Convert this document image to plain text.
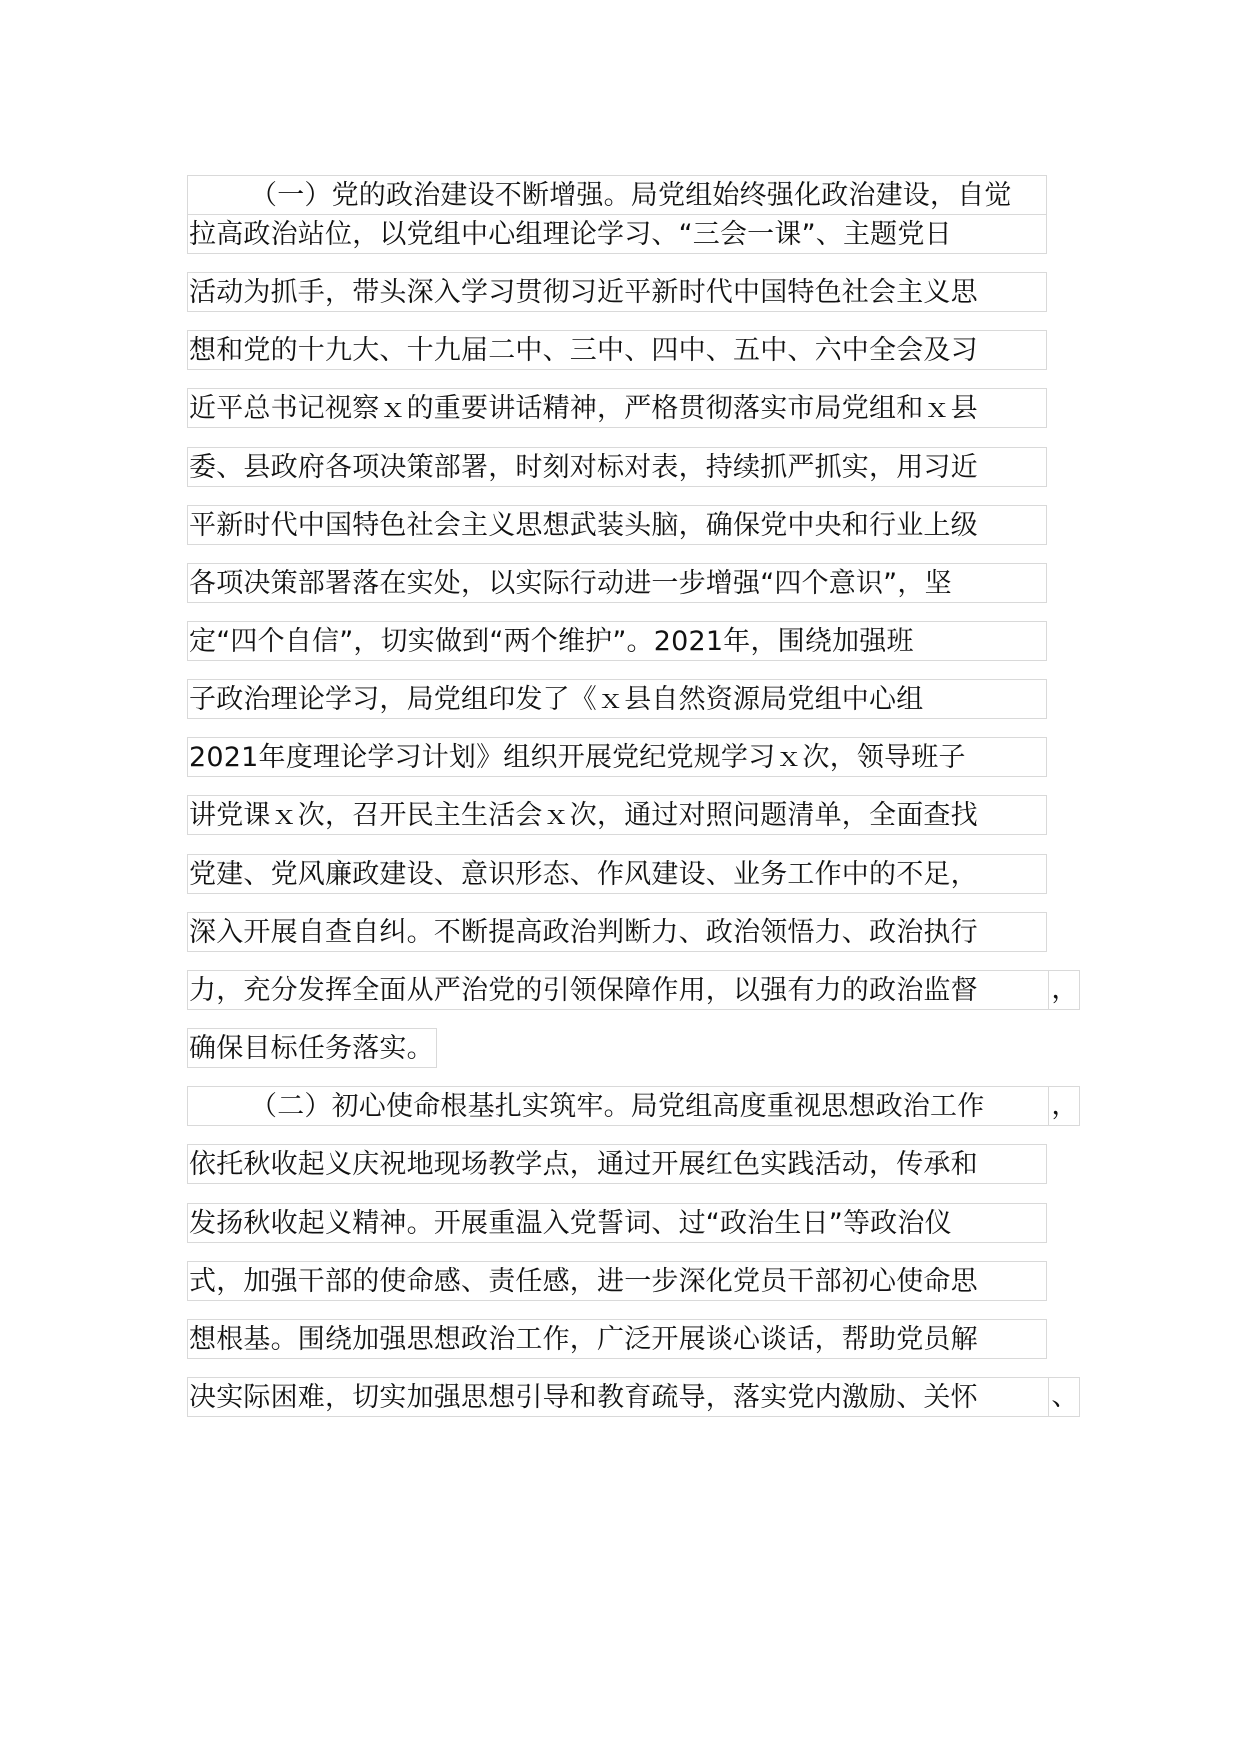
（一）党的政治建设不断增强。局党组始终强化政治建设，自觉
拉高政治站位，以党组中心组理论学习、“三会一课”、主题党日
活动为抓手，带头深入学习贯彻习近平新时代中国特色社会主义思
想和党的十九大、十九届二中、三中、四中、五中、六中全会及习
近平总书记视察ｘ的重要讲话精神，严格贯彻落实市局党组和ｘ县
委、县政府各项决策部署，时刻对标对表，持续抓严抓实，用习近
平新时代中国特色社会主义思想武装头脑，确保党中央和行业上级
各项决策部署落在实处，以实际行动进一步增强“四个意识”，坚
定“四个自信”，切实做到“两个维护”。2021年，围绕加强班
子政治理论学习，局党组印发了《ｘ县自然资源局党组中心组
2021年度理论学习计划》组织开展党纪党规学习ｘ次，领导班子
讲党课ｘ次，召开民主生活会ｘ次，通过对照问题清单，全面查找
党建、党风廉政建设、意识形态、作风建设、业务工作中的不足，
深入开展自查自纠。不断提高政治判断力、政治领悟力、政治执行
力，充分发挥全面从严治党的引领保障作用，以强有力的政治监督	，
确保目标任务落实。
（二）初心使命根基扎实筑牢。局党组高度重视思想政治工作 ，
依托秋收起义庆祝地现场教学点，通过开展红色实践活动，传承和
发扬秋收起义精神。开展重温入党誓词、过“政治生日”等政治仪
式，加强干部的使命感、责任感，进一步深化党员干部初心使命思
想根基。围绕加强思想政治工作，广泛开展谈心谈话，帮助党员解
决实际困难，切实加强思想引导和教育疏导，落实党内激励、关怀	、
